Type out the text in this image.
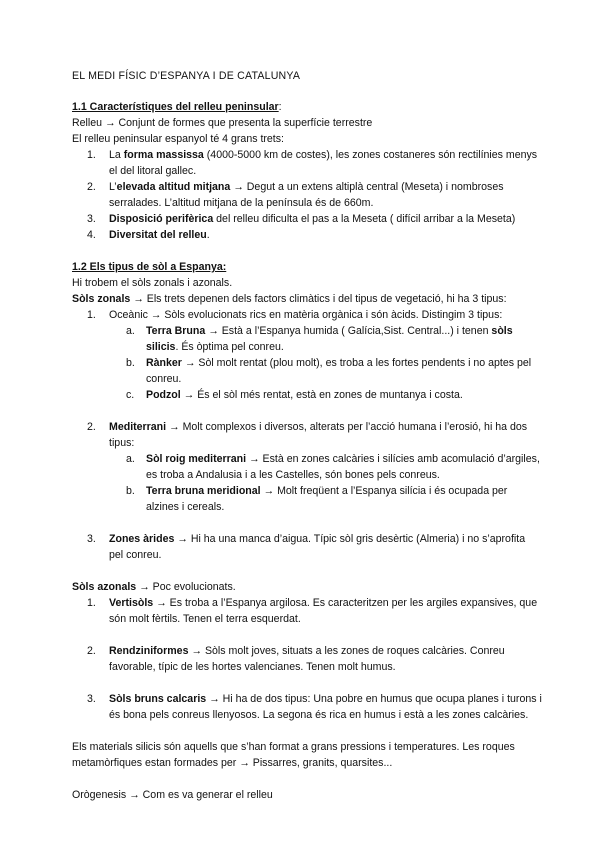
EL MEDI FÍSIC D’ESPANYA I DE CATALUNYA

1.1 Característiques del relleu peninsular:

Relleu → Conjunt de formes que presenta la superfície terrestre

El relleu peninsular espanyol té 4 grans trets:

1. La forma massissa (4000-5000 km de costes), les zones costaneres són rectilínies menys el del litoral gallec.
2. L’elevada altitud mitjana → Degut a un extens altiplà central (Meseta) i nombroses serralades. L’altitud mitjana de la península és de 660m.
3. Disposició perifèrica del relleu dificulta el pas a la Meseta ( difícil arribar a la Meseta)
4. Diversitat del relleu.

1.2 Els tipus de sòl a Espanya:

Hi trobem el sòls zonals i azonals.

Sòls zonals → Els trets depenen dels factors climàtics i del tipus de vegetació, hi ha 3 tipus:

1. Oceànic → Sòls evolucionats rics en matèria orgànica i són àcids. Distingim 3 tipus:
a. Terra Bruna → Està a l’Espanya humida ( Galícia,Sist. Central...) i tenen sòls silicis. És òptima pel conreu.
b. Rànker → Sòl molt rentat (plou molt), es troba a les fortes pendents i no aptes pel conreu.
c. Podzol → És el sòl més rentat, està en zones de muntanya i costa.
2. Mediterrani → Molt complexos i diversos, alterats per l’acció humana i l’erosió, hi ha dos tipus:
a. Sòl roig mediterrani → Està en zones calcàries i silícies amb acomulació d’argiles, es troba a Andalusia i a les Castelles, són bones pels conreus.
b. Terra bruna meridional → Molt freqüent a l’Espanya silícia i és ocupada per alzines i cereals.
3. Zones àrides → Hi ha una manca d’aigua. Típic sòl gris desèrtic (Almeria) i no s’aprofita pel conreu.

Sòls azonals → Poc evolucionats.

1. Vertisòls → Es troba a l’Espanya argilosa. Es caracteritzen per les argiles expansives, que són molt fèrtils. Tenen el terra esquerdat.
2. Rendziniformes → Sòls molt joves, situats a les zones de roques calcàries. Conreu favorable, típic de les hortes valencianes. Tenen molt humus.
3. Sòls bruns calcaris → Hi ha de dos tipus: Una pobre en humus que ocupa planes i turons i és bona pels conreus llenyosos. La segona és rica en humus i està a les zones calcàries.

Els materials silicis són aquells que s’han format a grans pressions i temperatures. Les roques metamòrfiques estan formades per → Pissarres, granits, quarsites...

Orògenesis → Com es va generar el relleu
